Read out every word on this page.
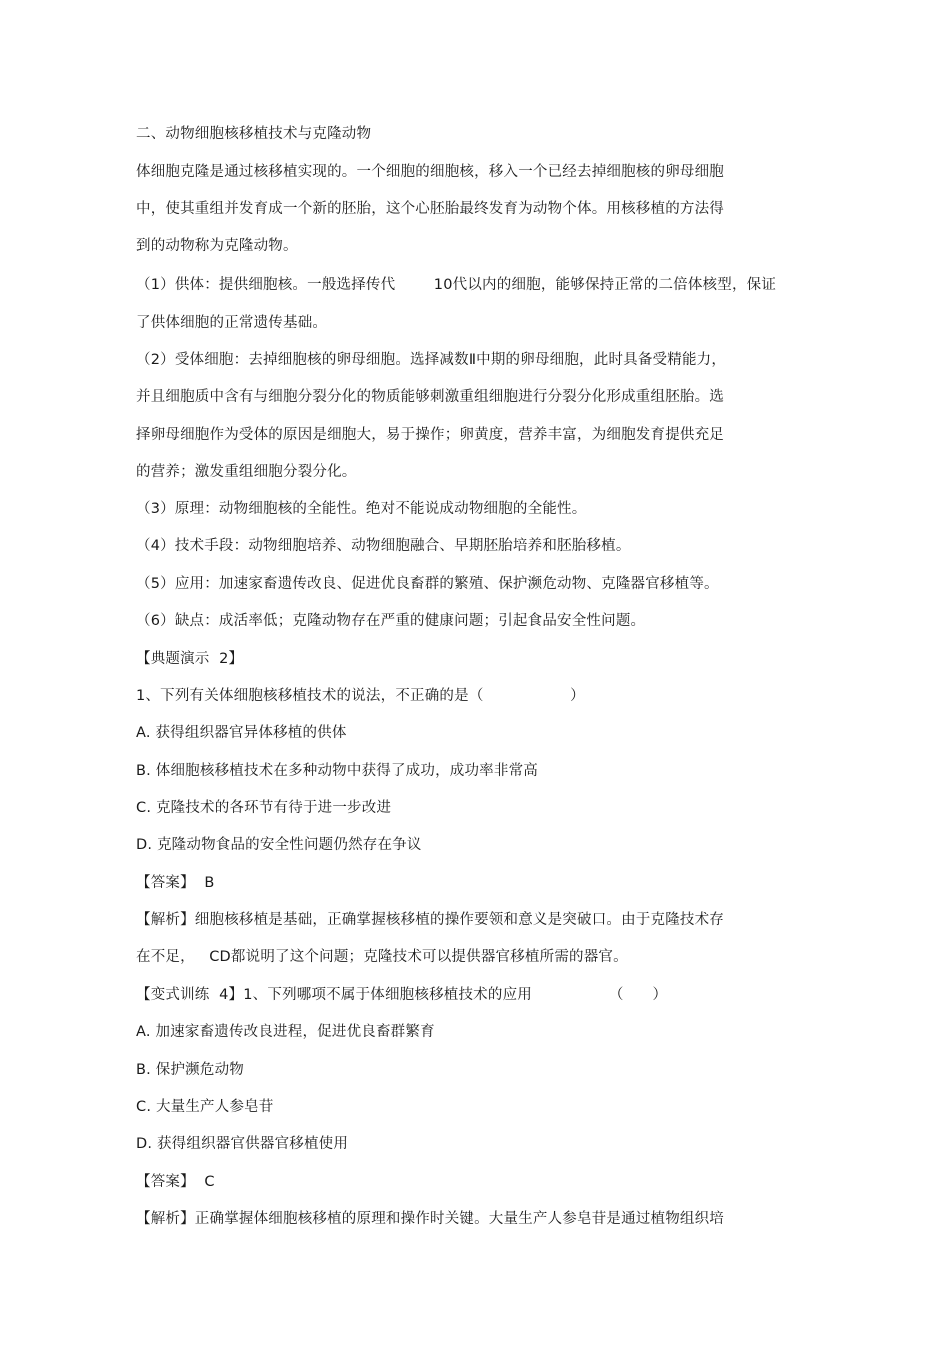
二、动物细胞核移植技术与克隆动物
体细胞克隆是通过核移植实现的。一个细胞的细胞核，移入一个已经去掉细胞核的卵母细胞
中，使其重组并发育成一个新的胚胎，这个心胚胎最终发育为动物个体。用核移植的方法得
到的动物称为克隆动物。
（1）供体：提供细胞核。一般选择传代        10代以内的细胞，能够保持正常的二倍体核型，保证
了供体细胞的正常遗传基础。
（2）受体细胞：去掉细胞核的卵母细胞。选择减数Ⅱ中期的卵母细胞，此时具备受精能力，
并且细胞质中含有与细胞分裂分化的物质能够刺激重组细胞进行分裂分化形成重组胚胎。选
择卵母细胞作为受体的原因是细胞大，易于操作；卵黄度，营养丰富，为细胞发育提供充足
的营养；激发重组细胞分裂分化。
（3）原理：动物细胞核的全能性。绝对不能说成动物细胞的全能性。
（4）技术手段：动物细胞培养、动物细胞融合、早期胚胎培养和胚胎移植。
（5）应用：加速家畜遗传改良、促进优良畜群的繁殖、保护濒危动物、克隆器官移植等。
（6）缺点：成活率低；克隆动物存在严重的健康问题；引起食品安全性问题。
【典题演示  2】
1、下列有关体细胞核移植技术的说法，不正确的是（                  ）
A. 获得组织器官异体移植的供体
B. 体细胞核移植技术在多种动物中获得了成功，成功率非常高
C. 克隆技术的各环节有待于进一步改进
D. 克隆动物食品的安全性问题仍然存在争议
【答案】  B
【解析】细胞核移植是基础，正确掌握核移植的操作要领和意义是突破口。由于克隆技术存
在不足，   CD都说明了这个问题；克隆技术可以提供器官移植所需的器官。
【变式训练  4】1、下列哪项不属于体细胞核移植技术的应用                （      ）
A. 加速家畜遗传改良进程，促进优良畜群繁育
B. 保护濒危动物
C. 大量生产人参皂苷
D. 获得组织器官供器官移植使用
【答案】  C
【解析】正确掌握体细胞核移植的原理和操作时关键。大量生产人参皂苷是通过植物组织培
